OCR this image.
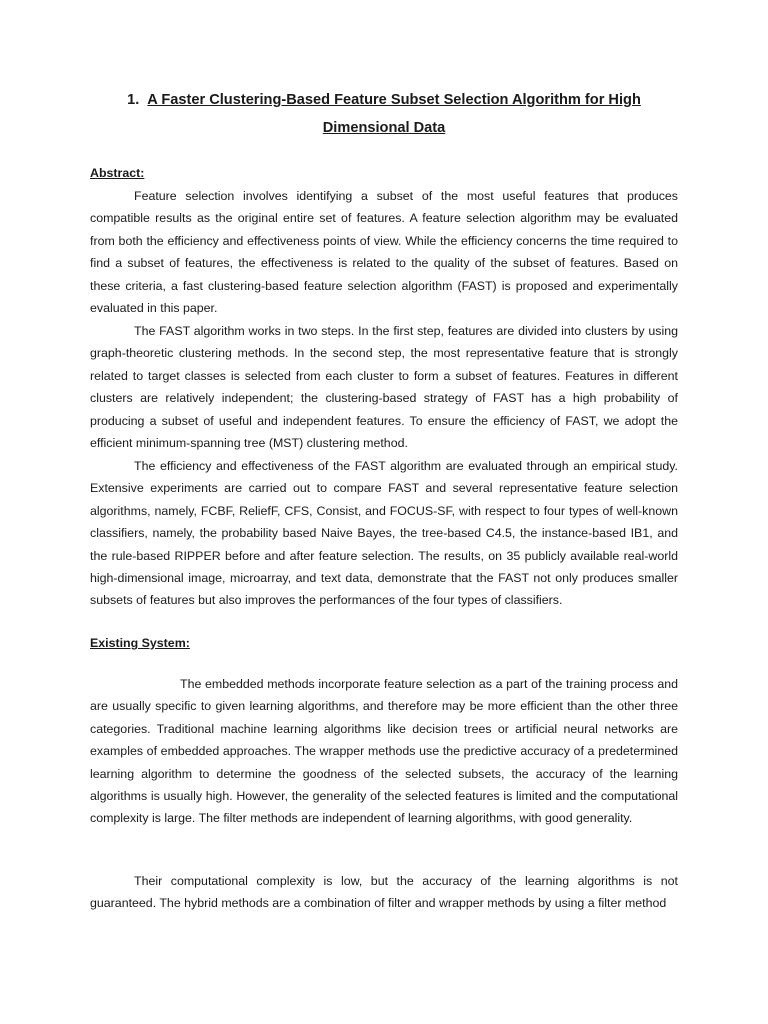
1. A Faster Clustering-Based Feature Subset Selection Algorithm for High
Dimensional Data
Abstract:

Feature selection involves identifying a subset of the most useful features that produces compatible results as the original entire set of features. A feature selection algorithm may be evaluated from both the efficiency and effectiveness points of view. While the efficiency concerns the time required to find a subset of features, the effectiveness is related to the quality of the subset of features. Based on these criteria, a fast clustering-based feature selection algorithm (FAST) is proposed and experimentally evaluated in this paper.

The FAST algorithm works in two steps. In the first step, features are divided into clusters by using graph-theoretic clustering methods. In the second step, the most representative feature that is strongly related to target classes is selected from each cluster to form a subset of features. Features in different clusters are relatively independent; the clustering-based strategy of FAST has a high probability of producing a subset of useful and independent features. To ensure the efficiency of FAST, we adopt the efficient minimum-spanning tree (MST) clustering method.

The efficiency and effectiveness of the FAST algorithm are evaluated through an empirical study. Extensive experiments are carried out to compare FAST and several representative feature selection algorithms, namely, FCBF, ReliefF, CFS, Consist, and FOCUS-SF, with respect to four types of well-known classifiers, namely, the probability based Naive Bayes, the tree-based C4.5, the instance-based IB1, and the rule-based RIPPER before and after feature selection. The results, on 35 publicly available real-world high-dimensional image, microarray, and text data, demonstrate that the FAST not only produces smaller subsets of features but also improves the performances of the four types of classifiers.

Existing System:

The embedded methods incorporate feature selection as a part of the training process and are usually specific to given learning algorithms, and therefore may be more efficient than the other three categories. Traditional machine learning algorithms like decision trees or artificial neural networks are examples of embedded approaches. The wrapper methods use the predictive accuracy of a predetermined learning algorithm to determine the goodness of the selected subsets, the accuracy of the learning algorithms is usually high. However, the generality of the selected features is limited and the computational complexity is large. The filter methods are independent of learning algorithms, with good generality.

Their computational complexity is low, but the accuracy of the learning algorithms is not guaranteed. The hybrid methods are a combination of filter and wrapper methods by using a filter method
